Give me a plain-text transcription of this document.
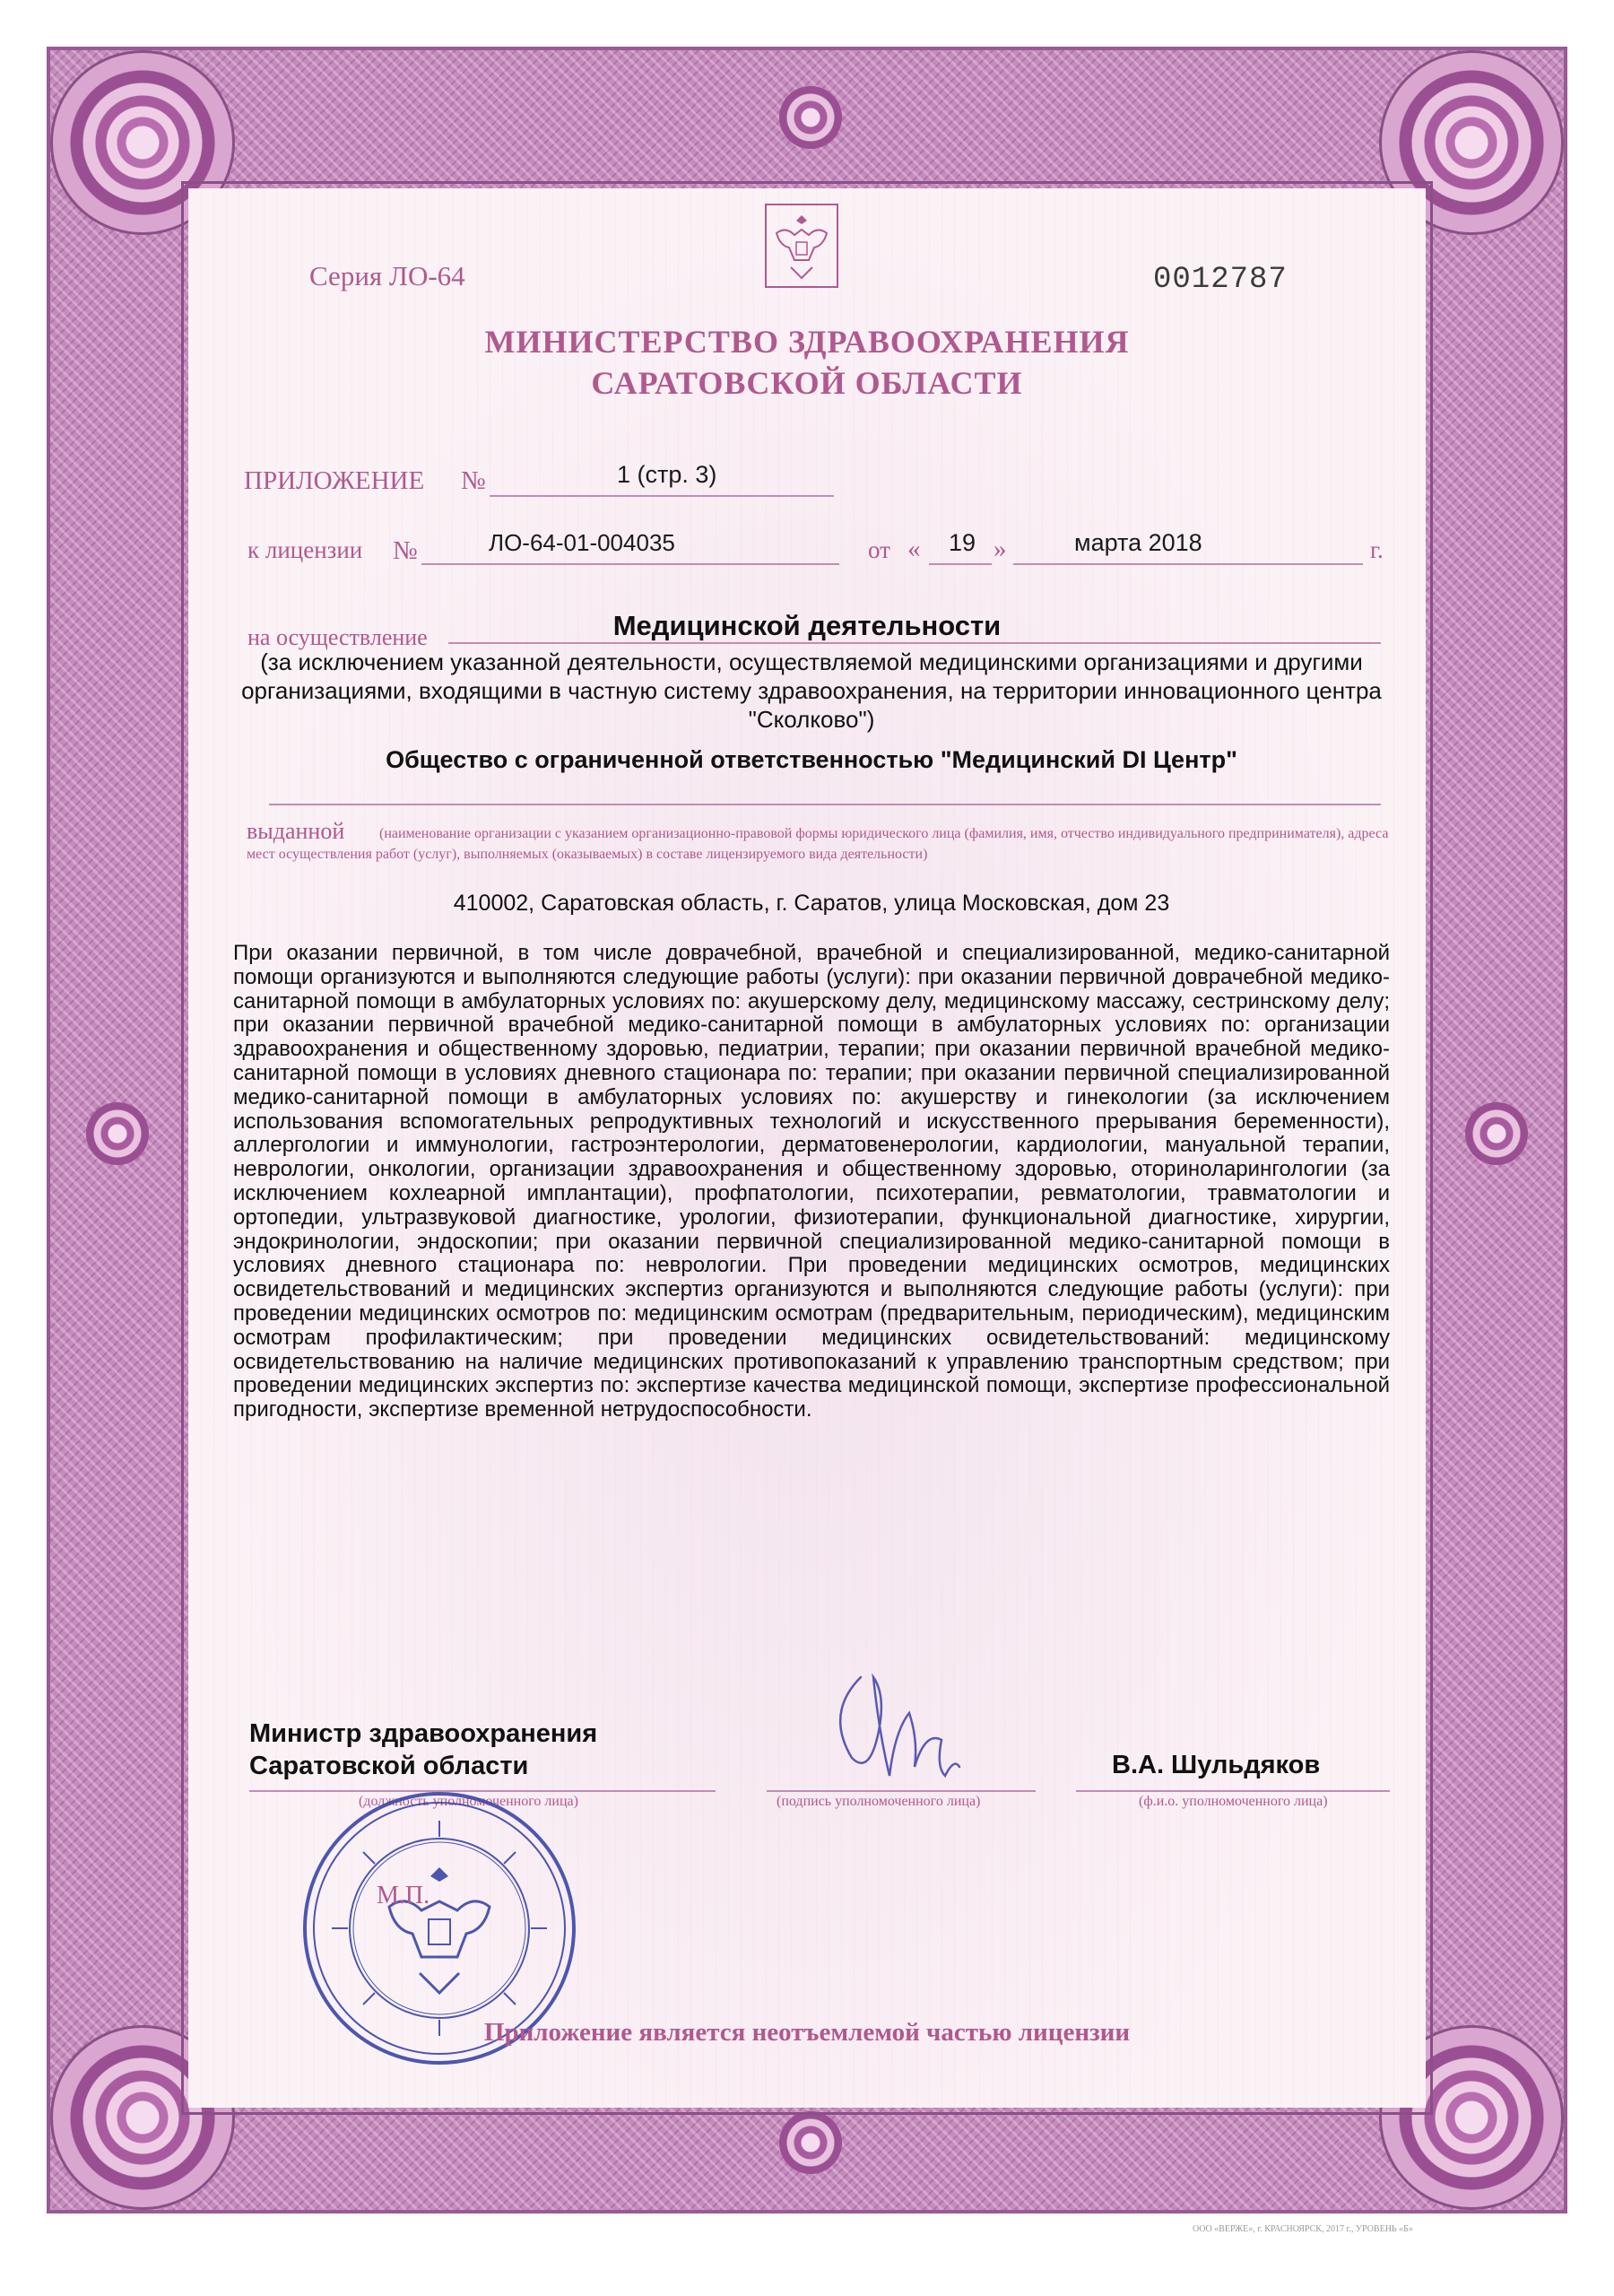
Серия ЛО-64	0012787
МИНИСТЕРСТВО ЗДРАВООХРАНЕНИЯ
САРАТОВСКОЙ ОБЛАСТИ
ПРИЛОЖЕНИЕ №	1 (стр. 3)
к лицензии №	ЛО-64-01-004035	от « 19 »	марта 2018	г.
на осуществление	Медицинской деятельности
(за исключением указанной деятельности, осуществляемой медицинскими организациями и другими организациями, входящими в частную систему здравоохранения, на территории инновационного центра "Сколково")
Общество с ограниченной ответственностью "Медицинский DI Центр"
выданной	(наименование организации с указанием организационно-правовой формы юридического лица (фамилия, имя, отчество индивидуального предпринимателя), адреса мест осуществления работ (услуг), выполняемых (оказываемых) в составе лицензируемого вида деятельности)
410002, Саратовская область, г. Саратов, улица Московская, дом 23
При оказании первичной, в том числе доврачебной, врачебной и специализированной, медико-санитарной помощи организуются и выполняются следующие работы (услуги): при оказании первичной доврачебной медико-санитарной помощи в амбулаторных условиях по: акушерскому делу, медицинскому массажу, сестринскому делу; при оказании первичной врачебной медико-санитарной помощи в амбулаторных условиях по: организации здравоохранения и общественному здоровью, педиатрии, терапии; при оказании первичной врачебной медико-санитарной помощи в условиях дневного стационара по: терапии; при оказании первичной специализированной медико-санитарной помощи в амбулаторных условиях по: акушерству и гинекологии (за исключением использования вспомогательных репродуктивных технологий и искусственного прерывания беременности), аллергологии и иммунологии, гастроэнтерологии, дерматовенерологии, кардиологии, мануальной терапии, неврологии, онкологии, организации здравоохранения и общественному здоровью, оториноларингологии (за исключением кохлеарной имплантации), профпатологии, психотерапии, ревматологии, травматологии и ортопедии, ультразвуковой диагностике, урологии, физиотерапии, функциональной диагностике, хирургии, эндокринологии, эндоскопии; при оказании первичной специализированной медико-санитарной помощи в условиях дневного стационара по: неврологии. При проведении медицинских осмотров, медицинских освидетельствований и медицинских экспертиз организуются и выполняются следующие работы (услуги): при проведении медицинских осмотров по: медицинским осмотрам (предварительным, периодическим), медицинским осмотрам профилактическим; при проведении медицинских освидетельствований: медицинскому освидетельствованию на наличие медицинских противопоказаний к управлению транспортным средством; при проведении медицинских экспертиз по: экспертизе качества медицинской помощи, экспертизе профессиональной пригодности, экспертизе временной нетрудоспособности.
Министр здравоохранения
Саратовской области
(должность уполномоченного лица)	(подпись уполномоченного лица)
В.А. Шульдяков
(ф.и.о. уполномоченного лица)
М.П.
Приложение является неотъемлемой частью лицензии
ООО «ВЕРЖЕ», г. КРАСНОЯРСК, 2017 г., УРОВЕНЬ «Б»
